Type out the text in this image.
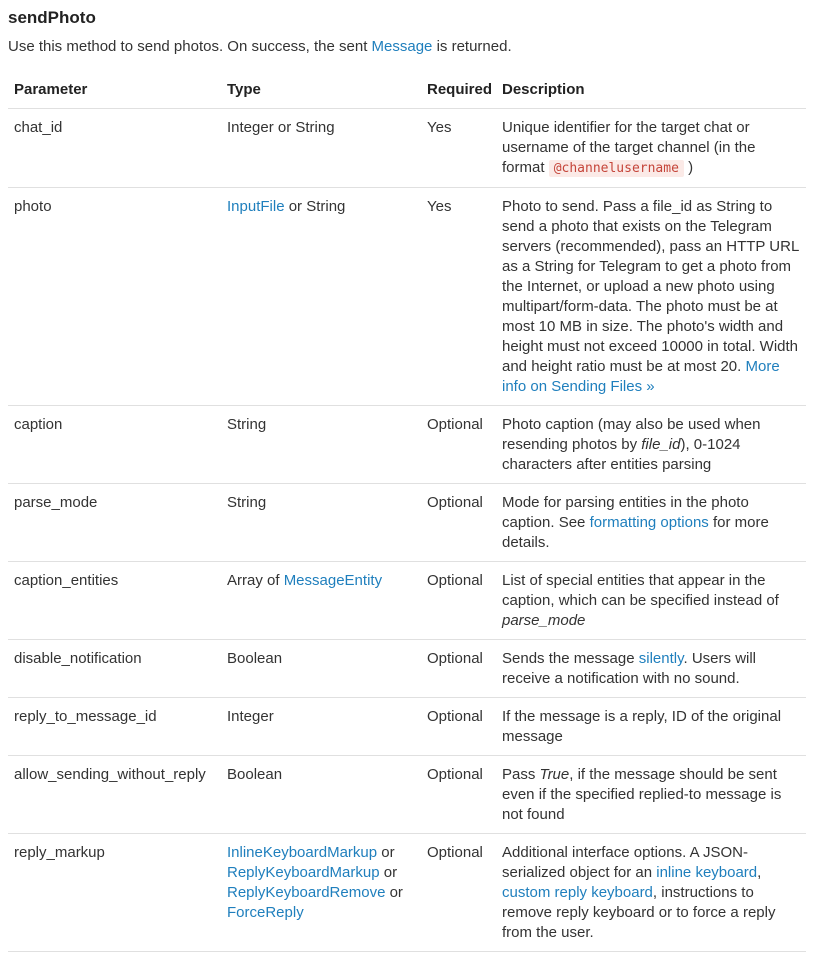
sendPhoto

Use this method to send photos. On success, the sent Message is returned.

Parameter	Type	Required	Description
chat_id	Integer or String	Yes	Unique identifier for the target chat or username of the target channel (in the format @channelusername )
photo	InputFile or String	Yes	Photo to send. Pass a file_id as String to send a photo that exists on the Telegram servers (recommended), pass an HTTP URL as a String for Telegram to get a photo from the Internet, or upload a new photo using multipart/form-data. The photo must be at most 10 MB in size. The photo's width and height must not exceed 10000 in total. Width and height ratio must be at most 20. More info on Sending Files »
caption	String	Optional	Photo caption (may also be used when resending photos by file_id), 0-1024 characters after entities parsing
parse_mode	String	Optional	Mode for parsing entities in the photo caption. See formatting options for more details.
caption_entities	Array of MessageEntity	Optional	List of special entities that appear in the caption, which can be specified instead of parse_mode
disable_notification	Boolean	Optional	Sends the message silently. Users will receive a notification with no sound.
reply_to_message_id	Integer	Optional	If the message is a reply, ID of the original message
allow_sending_without_reply	Boolean	Optional	Pass True, if the message should be sent even if the specified replied-to message is not found
reply_markup	InlineKeyboardMarkup or ReplyKeyboardMarkup or ReplyKeyboardRemove or ForceReply	Optional	Additional interface options. A JSON-serialized object for an inline keyboard, custom reply keyboard, instructions to remove reply keyboard or to force a reply from the user.
